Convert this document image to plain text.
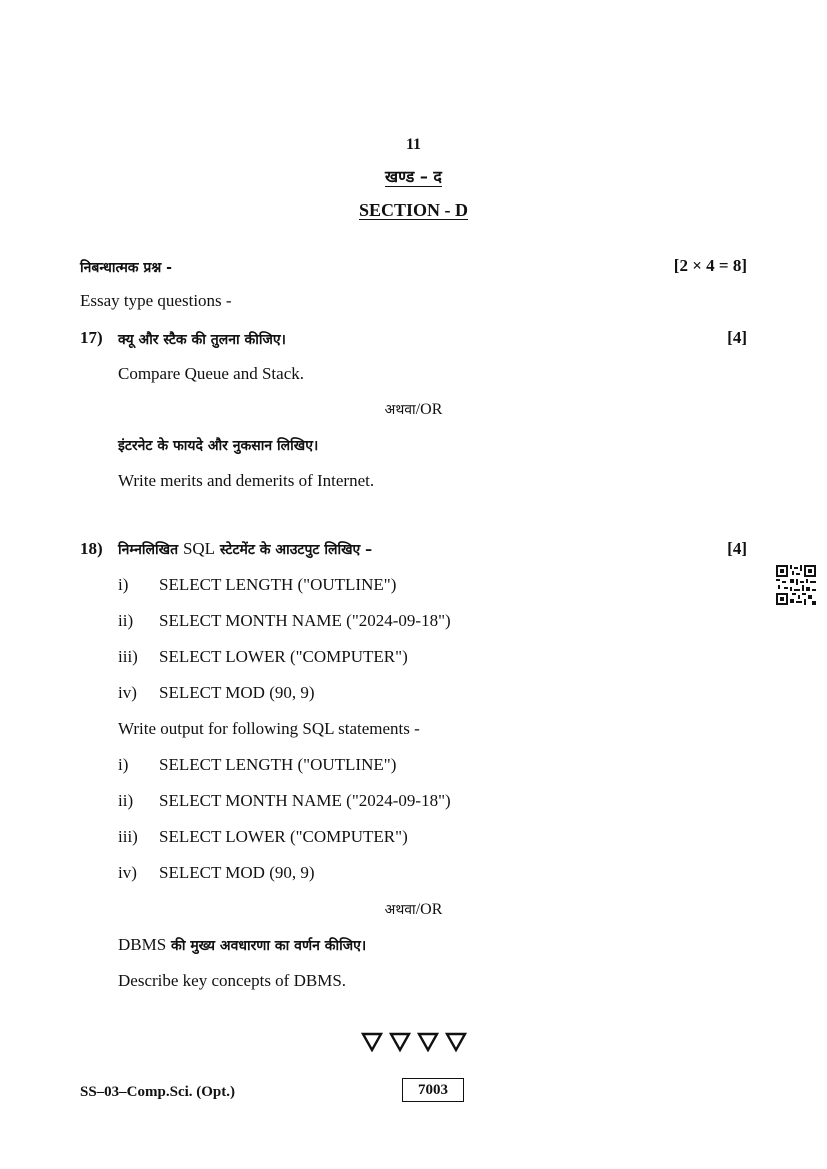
11
खण्ड – द
SECTION - D
निबन्धात्मक प्रश्न -	[2 × 4 = 8]
Essay type questions -
17) क्यू और स्टैक की तुलना कीजिए।	[4]
Compare Queue and Stack.
अथवा/OR
इंटरनेट के फायदे और नुकसान लिखिए।
Write merits and demerits of Internet.
18) निम्नलिखित SQL स्टेटमेंट के आउटपुट लिखिए –	[4]
i) SELECT LENGTH ("OUTLINE")
ii) SELECT MONTH NAME ("2024-09-18")
iii) SELECT LOWER ("COMPUTER")
iv) SELECT MOD (90, 9)
Write output for following SQL statements -
i) SELECT LENGTH ("OUTLINE")
ii) SELECT MONTH NAME ("2024-09-18")
iii) SELECT LOWER ("COMPUTER")
iv) SELECT MOD (90, 9)
अथवा/OR
DBMS की मुख्य अवधारणा का वर्णन कीजिए।
Describe key concepts of DBMS.

SS–03–Comp.Sci. (Opt.)	7003
